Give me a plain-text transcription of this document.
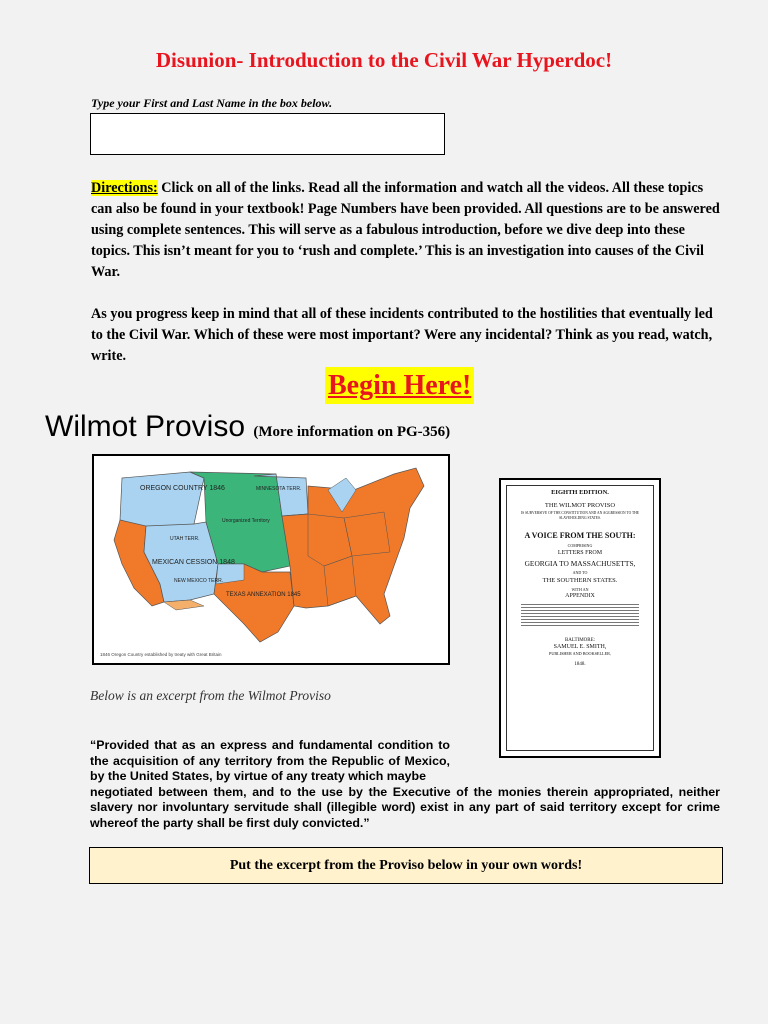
Disunion- Introduction to the Civil War Hyperdoc!
Type your First and Last Name in the box below.
Directions: Click on all of the links. Read all the information and watch all the videos. All these topics can also be found in your textbook! Page Numbers have been provided. All questions are to be answered using complete sentences. This will serve as a fabulous introduction, before we dive deep into these topics. This isn’t meant for you to ‘rush and complete.’ This is an investigation into causes of the Civil War.
As you progress keep in mind that all of these incidents contributed to the hostilities that eventually led to the Civil War. Which of these were most important? Were any incidental? Think as you read, watch, write.
Begin Here!
Wilmot Proviso (More information on PG-356)
OREGON COUNTRY 1846
MEXICAN CESSION 1848
TEXAS ANNEXATION 1845
UTAH TERR.
NEW MEXICO TERR.
MINNESOTA TERR.
Unorganized Territory
1846 Oregon Country established by treaty with Great Britain
EIGHTH EDITION.
THE WILMOT PROVISO
IS SUBVERSIVE OF THE CONSTITUTION AND AN AGGRESSION TO THE SLAVEHOLDING STATES.
A VOICE FROM THE SOUTH:
COMPRISING
LETTERS FROM
GEORGIA TO MASSACHUSETTS,
AND TO
THE SOUTHERN STATES.
WITH AN
APPENDIX
BALTIMORE:
SAMUEL E. SMITH,
PUBLISHER AND BOOKSELLER,
1848.
Below is an excerpt from the Wilmot Proviso
“Provided that as an express and fundamental condition to the acquisition of any territory from the Republic of Mexico, by the United States, by virtue of any treaty which maybe
negotiated between them, and to the use by the Executive of the monies therein appropriated, neither slavery nor involuntary servitude shall (illegible word) exist in any part of said territory except for crime whereof the party shall be first duly convicted.”
Put the excerpt from the Proviso below in your own words!
